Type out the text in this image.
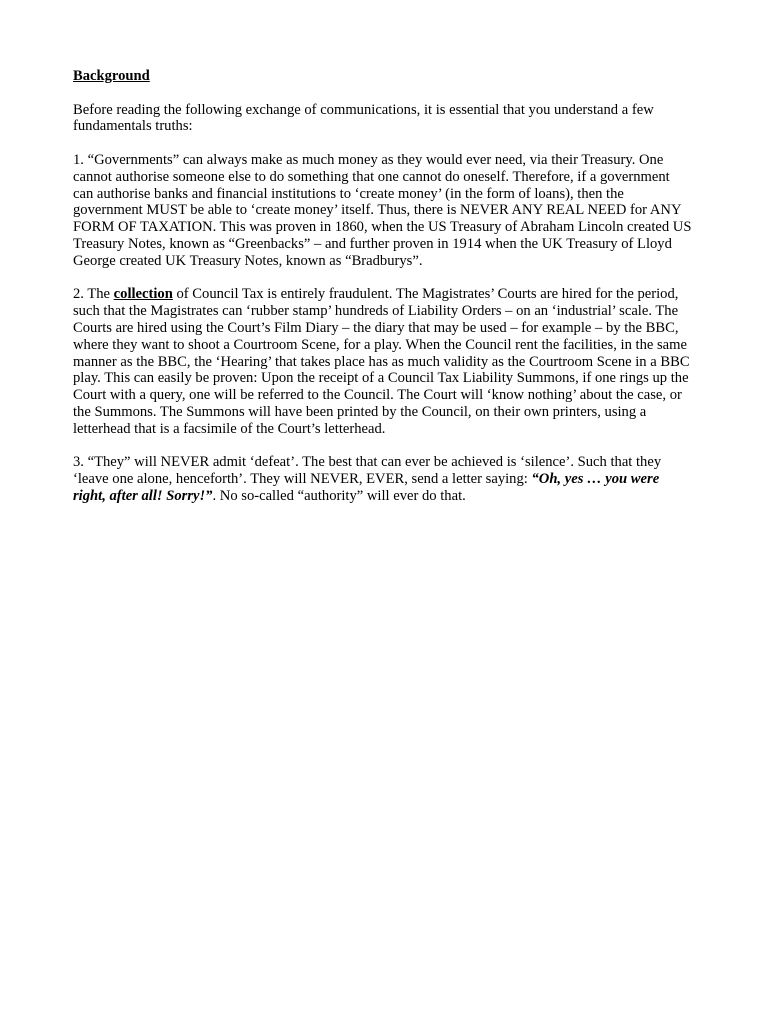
Background

Before reading the following exchange of communications, it is essential that you understand a few fundamentals truths:

1. “Governments” can always make as much money as they would ever need, via their Treasury. One cannot authorise someone else to do something that one cannot do oneself. Therefore, if a government can authorise banks and financial institutions to ‘create money’ (in the form of loans), then the government MUST be able to ‘create money’ itself. Thus, there is NEVER ANY REAL NEED for ANY FORM OF TAXATION. This was proven in 1860, when the US Treasury of Abraham Lincoln created US Treasury Notes, known as “Greenbacks” – and further proven in 1914 when the UK Treasury of Lloyd George created UK Treasury Notes, known as “Bradburys”.

2. The collection of Council Tax is entirely fraudulent. The Magistrates’ Courts are hired for the period, such that the Magistrates can ‘rubber stamp’ hundreds of Liability Orders – on an ‘industrial’ scale. The Courts are hired using the Court’s Film Diary – the diary that may be used – for example – by the BBC, where they want to shoot a Courtroom Scene, for a play. When the Council rent the facilities, in the same manner as the BBC, the ‘Hearing’ that takes place has as much validity as the Courtroom Scene in a BBC play. This can easily be proven: Upon the receipt of a Council Tax Liability Summons, if one rings up the Court with a query, one will be referred to the Council. The Court will ‘know nothing’ about the case, or the Summons. The Summons will have been printed by the Council, on their own printers, using a letterhead that is a facsimile of the Court’s letterhead.

3. “They” will NEVER admit ‘defeat’. The best that can ever be achieved is ‘silence’. Such that they ‘leave one alone, henceforth’. They will NEVER, EVER, send a letter saying: “Oh, yes … you were right, after all! Sorry!”. No so-called “authority” will ever do that.
